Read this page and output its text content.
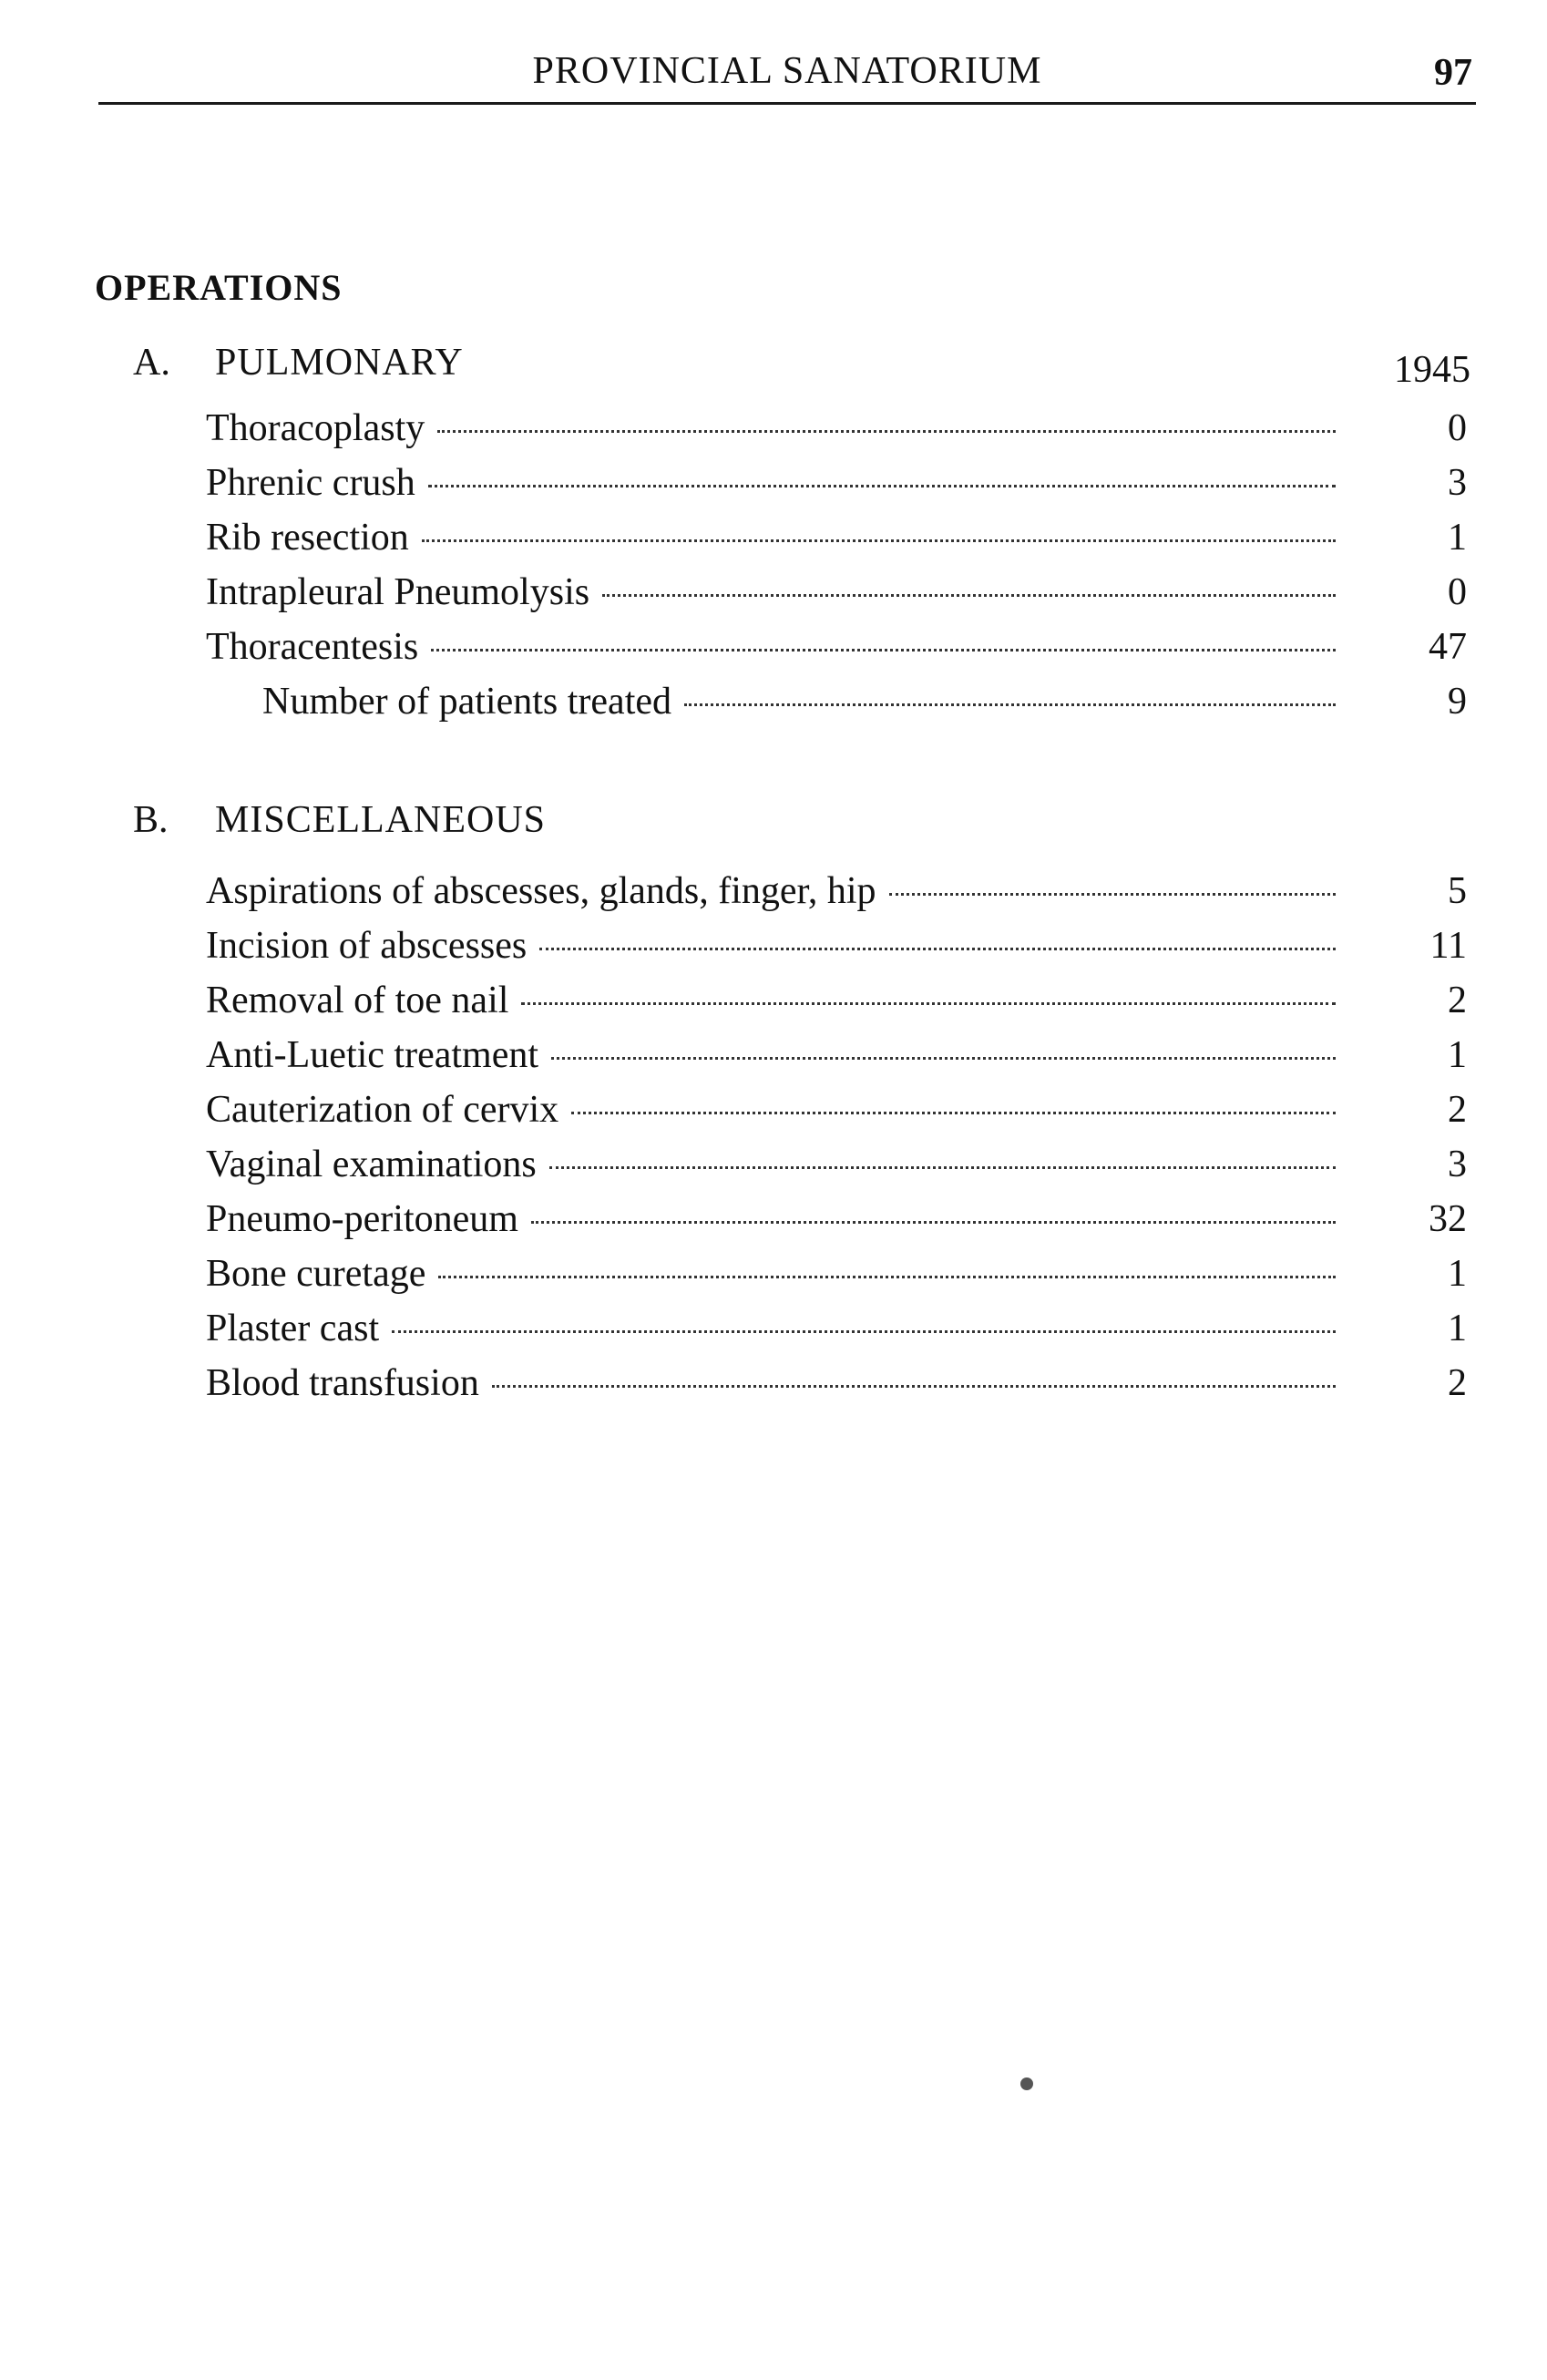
PROVINCIAL SANATORIUM	97
OPERATIONS
A. PULMONARY	1945
Thoracoplasty	0
Phrenic crush	3
Rib resection	1
Intrapleural Pneumolysis	0
Thoracentesis	47
Number of patients treated	9
B. MISCELLANEOUS
Aspirations of abscesses, glands, finger, hip	5
Incision of abscesses	11
Removal of toe nail	2
Anti-Luetic treatment	1
Cauterization of cervix	2
Vaginal examinations	3
Pneumo-peritoneum	32
Bone curetage	1
Plaster cast	1
Blood transfusion	2
